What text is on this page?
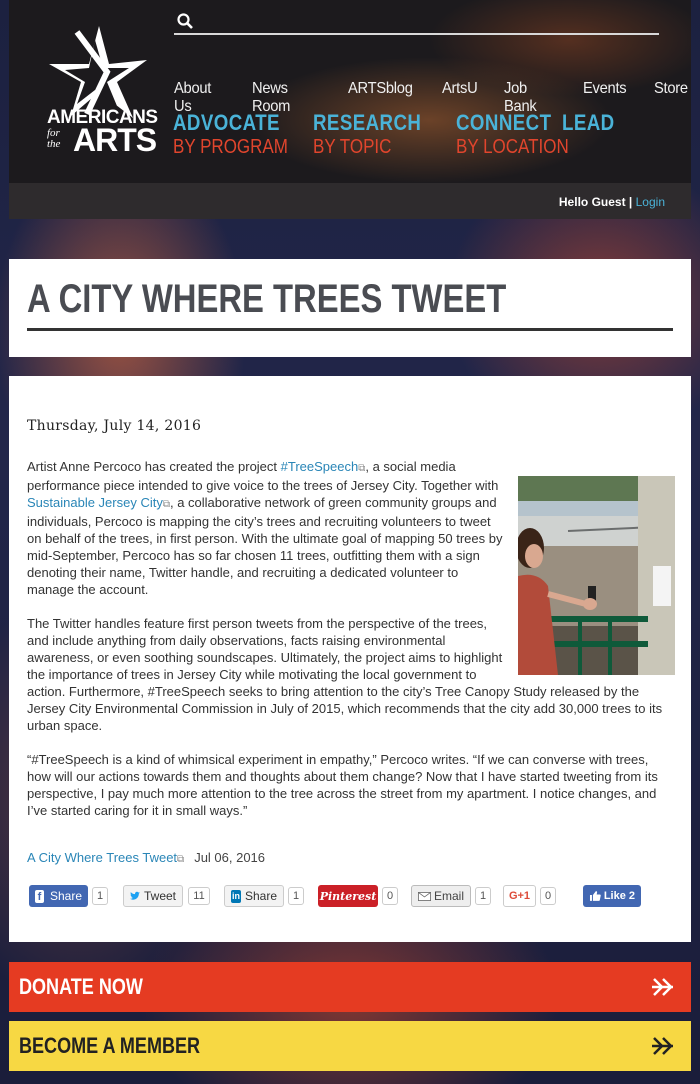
AMERICANS
for
the ARTS
About Us
News Room
ARTSblog ArtsU Job Bank
Events Store
ADVOCATE
BY PROGRAM
RESEARCH
BY TOPIC
CONNECT
BY LOCATION
LEAD
Hello Guest | Login
A CITY WHERE TREES TWEET
Thursday, July 14, 2016

Artist Anne Percoco has created the project #TreeSpeech⧉, a social media performance piece intended to give voice to the trees of Jersey City. Together with Sustainable Jersey City⧉, a collaborative network of green community groups and individuals, Percoco is mapping the city’s trees and recruiting volunteers to tweet on behalf of the trees, in first person. With the ultimate goal of mapping 50 trees by mid-September, Percoco has so far chosen 11 trees, outfitting them with a sign denoting their name, Twitter handle, and recruiting a dedicated volunteer to manage the account.

The Twitter handles feature first person tweets from the perspective of the trees, and include anything from daily observations, facts raising environmental awareness, or even soothing soundscapes. Ultimately, the project aims to highlight the importance of trees in Jersey City while motivating the local government to action. Furthermore, #TreeSpeech seeks to bring attention to the city’s Tree Canopy Study released by the Jersey City Environmental Commission in July of 2015, which recommends that the city add 30,000 trees to its urban space.

“#TreeSpeech is a kind of whimsical experiment in empathy,” Percoco writes. “If we can converse with trees, how will our actions towards them and thoughts about them change? Now that I have started tweeting from its perspective, I pay much more attention to the tree across the street from my apartment. I notice changes, and I’ve started caring for it in small ways.”

A City Where Trees Tweet⧉ Jul 06, 2016
f Share	1	Tweet	11	in Share	1	Pinterest 0	Email	1	G+1	0	Like 2
DONATE NOW
BECOME A MEMBER
